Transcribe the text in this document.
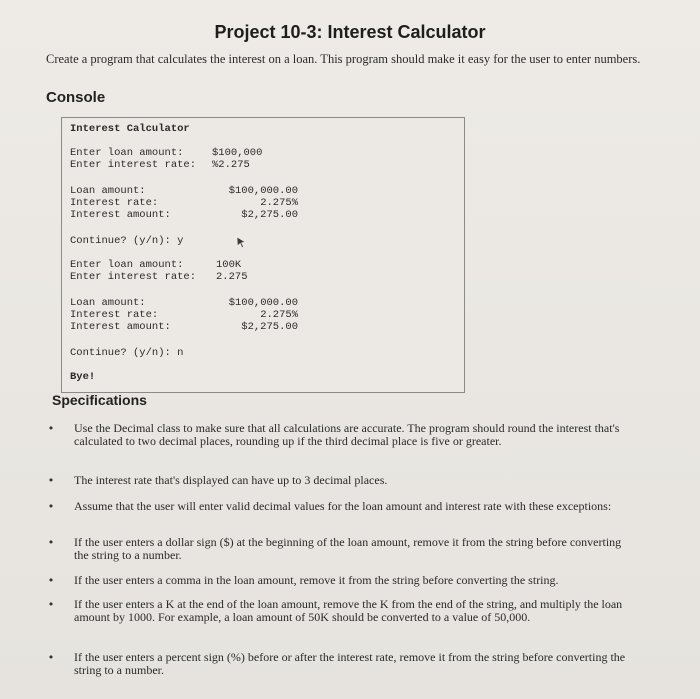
Project 10-3: Interest Calculator
Create a program that calculates the interest on a loan. This program should make it easy for the user to enter numbers.
Console
Interest Calculator
Enter loan amount:	$100,000
Enter interest rate: %2.275
Loan amount:	$100,000.00
Interest rate:	2.275%
Interest amount:	$2,275.00
Continue? (y/n): y
Enter loan amount:	100K
Enter interest rate: 2.275
Loan amount:	$100,000.00
Interest rate:	2.275%
Interest amount:	$2,275.00
Continue? (y/n): n
Bye!
Specifications
•	Use the Decimal class to make sure that all calculations are accurate. The program should round the interest that's calculated to two decimal places, rounding up if the third decimal place is five or greater.
•	The interest rate that's displayed can have up to 3 decimal places.
•	Assume that the user will enter valid decimal values for the loan amount and interest rate with these exceptions:
•	If the user enters a dollar sign ($) at the beginning of the loan amount, remove it from the string before converting the string to a number.
•	If the user enters a comma in the loan amount, remove it from the string before converting the string.
•	If the user enters a K at the end of the loan amount, remove the K from the end of the string, and multiply the loan amount by 1000. For example, a loan amount of 50K should be converted to a value of 50,000.
•	If the user enters a percent sign (%) before or after the interest rate, remove it from the string before converting the string to a number.
